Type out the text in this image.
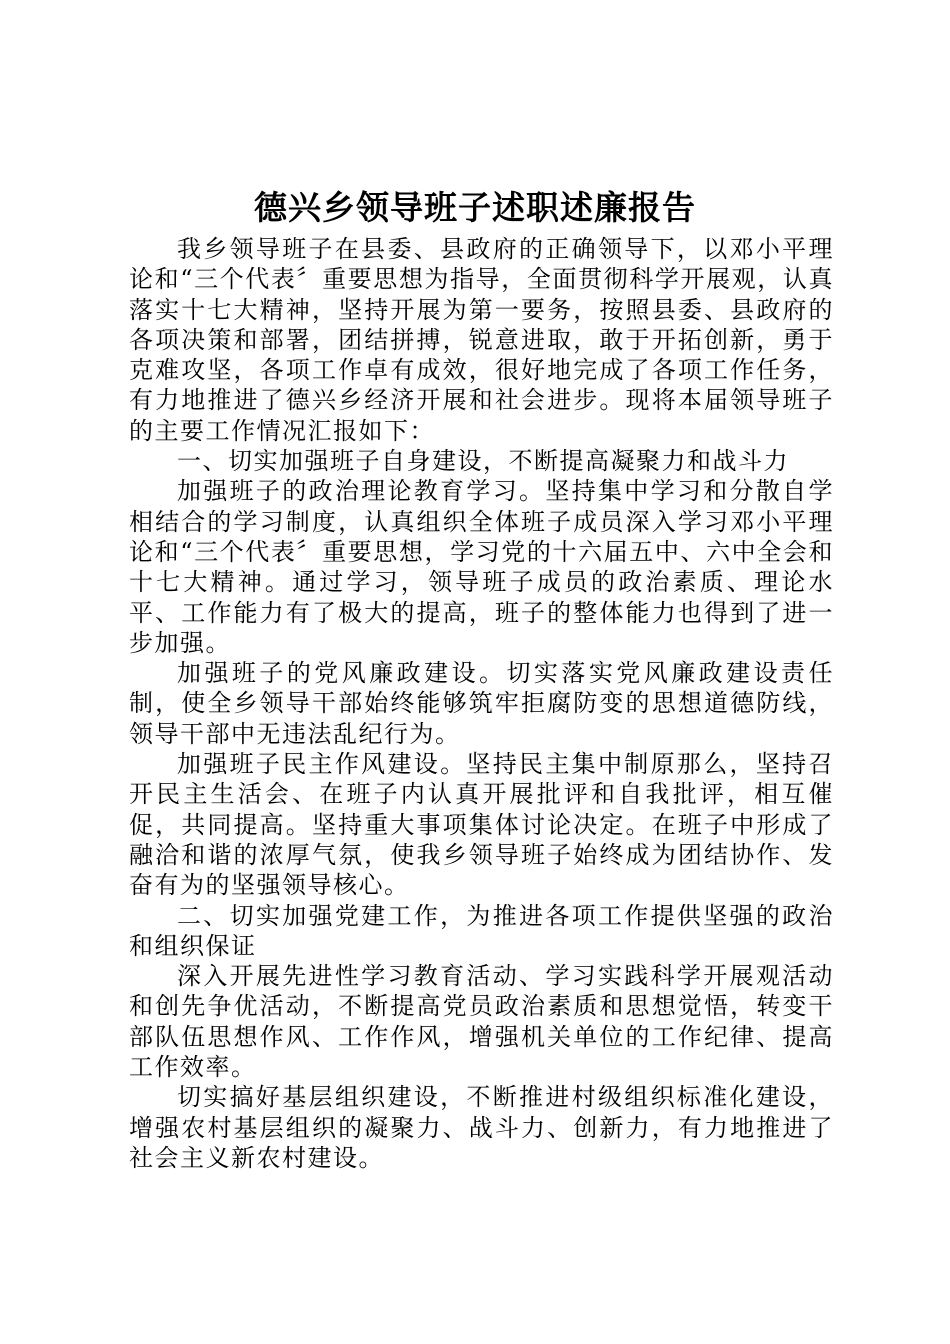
德兴乡领导班子述职述廉报告

我乡领导班子在县委、县政府的正确领导下，以邓小平理论和“三个代表〞重要思想为指导，全面贯彻科学开展观，认真落实十七大精神，坚持开展为第一要务，按照县委、县政府的各项决策和部署，团结拼搏，锐意进取，敢于开拓创新，勇于克难攻坚，各项工作卓有成效，很好地完成了各项工作任务，有力地推进了德兴乡经济开展和社会进步。现将本届领导班子的主要工作情况汇报如下：

一、切实加强班子自身建设，不断提高凝聚力和战斗力

加强班子的政治理论教育学习。坚持集中学习和分散自学相结合的学习制度，认真组织全体班子成员深入学习邓小平理论和“三个代表〞重要思想，学习党的十六届五中、六中全会和十七大精神。通过学习，领导班子成员的政治素质、理论水平、工作能力有了极大的提高，班子的整体能力也得到了进一步加强。

加强班子的党风廉政建设。切实落实党风廉政建设责任制，使全乡领导干部始终能够筑牢拒腐防变的思想道德防线，领导干部中无违法乱纪行为。

加强班子民主作风建设。坚持民主集中制原那么，坚持召开民主生活会、在班子内认真开展批评和自我批评，相互催促，共同提高。坚持重大事项集体讨论决定。在班子中形成了融洽和谐的浓厚气氛，使我乡领导班子始终成为团结协作、发奋有为的坚强领导核心。

二、切实加强党建工作，为推进各项工作提供坚强的政治和组织保证

深入开展先进性学习教育活动、学习实践科学开展观活动和创先争优活动，不断提高党员政治素质和思想觉悟，转变干部队伍思想作风、工作作风，增强机关单位的工作纪律、提高工作效率。

切实搞好基层组织建设，不断推进村级组织标准化建设，增强农村基层组织的凝聚力、战斗力、创新力，有力地推进了社会主义新农村建设。
